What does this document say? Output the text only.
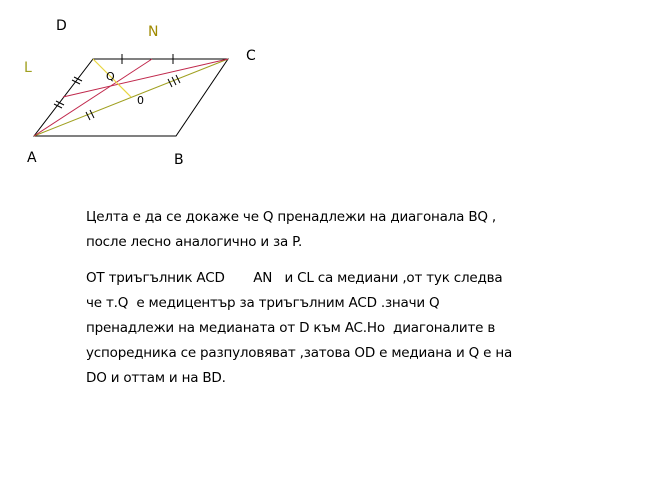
D	N
C
L
A	B
Q
0
Целта е да се докаже че Q пренадлежи на диагонала BQ ,
после лесно аналогично и за P.
ОТ триъгълник ACD       AN   и CL са медиани ,от тук следва
че т.Q  е медицентър за триъгълним ACD .значи Q
пренадлежи на медианата от D към AC.Но  диагоналите в
успоредника се разпуловяват ,затова OD е медиана и Q е на
DO и оттам и на BD.
